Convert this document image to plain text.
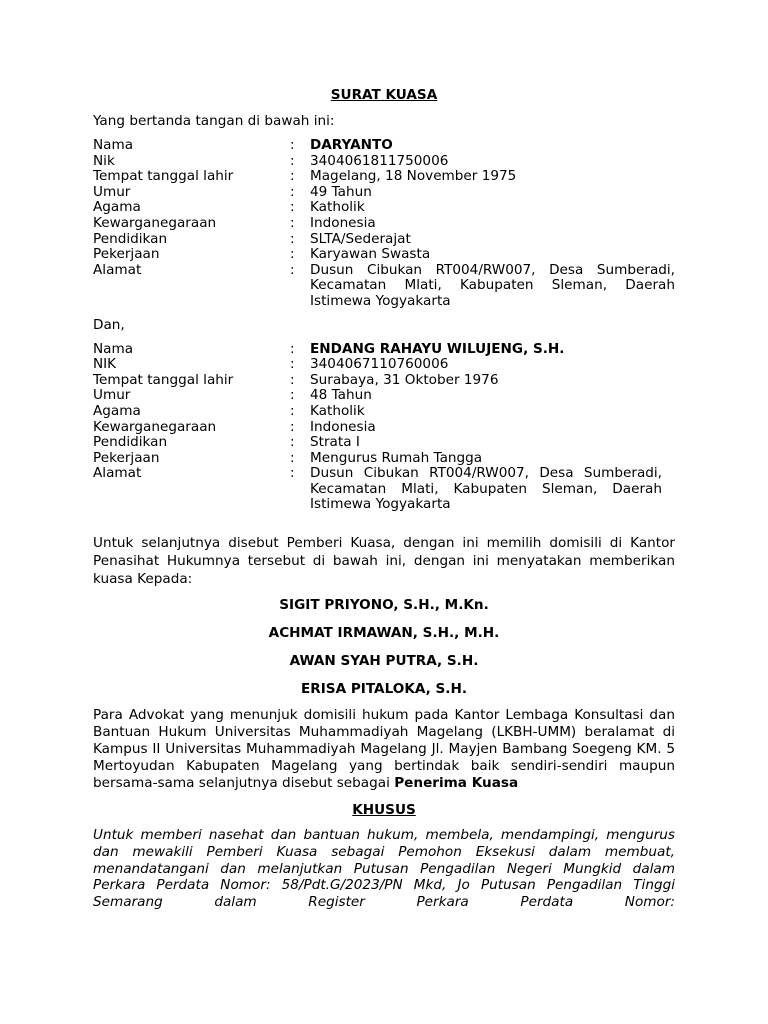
SURAT KUASA

Yang bertanda tangan di bawah ini:

Nama	:	DARYANTO
Nik	:	3404061811750006
Tempat tanggal lahir	:	Magelang, 18 November 1975
Umur	:	49 Tahun
Agama	:	Katholik
Kewarganegaraan	:	Indonesia
Pendidikan	:	SLTA/Sederajat
Pekerjaan	:	Karyawan Swasta
Alamat	:	Dusun Cibukan RT004/RW007, Desa Sumberadi, Kecamatan Mlati, Kabupaten Sleman, Daerah Istimewa Yogyakarta

Dan,

Nama	:	ENDANG RAHAYU WILUJENG, S.H.
NIK	:	3404067110760006
Tempat tanggal lahir	:	Surabaya, 31 Oktober 1976
Umur	:	48 Tahun
Agama	:	Katholik
Kewarganegaraan	:	Indonesia
Pendidikan	:	Strata I
Pekerjaan	:	Mengurus Rumah Tangga
Alamat	:	Dusun Cibukan RT004/RW007, Desa Sumberadi, Kecamatan Mlati, Kabupaten Sleman, Daerah Istimewa Yogyakarta

Untuk selanjutnya disebut Pemberi Kuasa, dengan ini memilih domisili di Kantor Penasihat Hukumnya tersebut di bawah ini, dengan ini menyatakan memberikan kuasa Kepada:

SIGIT PRIYONO, S.H., M.Kn.

ACHMAT IRMAWAN, S.H., M.H.

AWAN SYAH PUTRA, S.H.

ERISA PITALOKA, S.H.

Para Advokat yang menunjuk domisili hukum pada Kantor Lembaga Konsultasi dan Bantuan Hukum Universitas Muhammadiyah Magelang (LKBH-UMM) beralamat di Kampus II Universitas Muhammadiyah Magelang Jl. Mayjen Bambang Soegeng KM. 5 Mertoyudan Kabupaten Magelang yang bertindak baik sendiri-sendiri maupun bersama-sama selanjutnya disebut sebagai Penerima Kuasa

KHUSUS

Untuk memberi nasehat dan bantuan hukum, membela, mendampingi, mengurus dan mewakili Pemberi Kuasa sebagai Pemohon Eksekusi dalam membuat, menandatangani dan melanjutkan Putusan Pengadilan Negeri Mungkid dalam Perkara Perdata Nomor: 58/Pdt.G/2023/PN Mkd, Jo Putusan Pengadilan Tinggi Semarang dalam Register Perkara Perdata Nomor:
